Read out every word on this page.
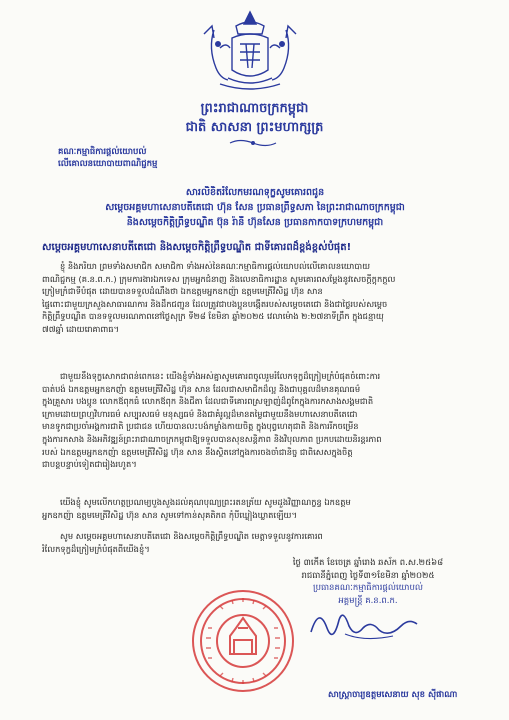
ព្រះរាជាណាចក្រកម្ពុជា
ជាតិ សាសនា ព្រះមហាក្សត្រ
គណៈកម្មាធិការផ្តល់យោបល់
លើគោលនយោបាយពាណិជ្ជកម្ម
សារលិខិតរំលែកមរណទុក្ខសូមគោរពជូន
សម្តេចអគ្គមហាសេនាបតីតេជោ ហ៊ុន សែន ប្រធានព្រឹទ្ធសភា នៃព្រះរាជាណាចក្រកម្ពុជា
និងសម្តេចកិត្តិព្រឹទ្ធបណ្ឌិត ប៊ុន រ៉ានី ហ៊ុនសែន ប្រធានកាកបាទក្រហមកម្ពុជា
សម្តេចអគ្គមហាសេនាបតីតេជោ និងសម្តេចកិត្តិព្រឹទ្ធបណ្ឌិត ជាទីគោរពដ៏ខ្ពង់ខ្ពស់បំផុត!
ខ្ញុំ និងភរិយា ព្រមទាំងសមាជិក សមាជិកា ទាំងអស់នៃគណៈកម្មាធិការផ្តល់យោបល់លើគោលនយោបាយ
ពាណិជ្ជកម្ម (គ.ន.ព.ក.) ក្រុមការងារឯកទេស ក្រុមអ្នកជំនាញ និងលេខាធិការដ្ឋាន សូមគោរពសម្តែងនូវសេចក្តីក្តុកក្តួល
ក្រៀមក្រំជាទីបំផុត ដោយបានទទួលដំណឹងថា ឯកឧត្តមអ្នកឧកញ៉ា ឧត្តមមេត្រីវិសិដ្ឋ ហ៊ុន សាន
ផ្ទៃពោះជាមួយក្រសួងសាធារណការ និងដឹកជញ្ជូន ដែលត្រូវជាបងប្អូនបង្កើតរបស់សម្តេចតេជោ និងជាថ្លៃរបស់សម្តេច
កិត្តិព្រឹទ្ធបណ្ឌិត បានទទួលមរណភាពនៅថ្ងៃសុក្រ ទី២៨ ខែមិនា ឆ្នាំ២០២៥ វេលាម៉ោង ២:២៧នាទីព្រឹក ក្នុងជន្មាយុ
៧៧ឆ្នាំ ដោយរោគាពាធ។
ជាមួយនឹងទុក្ខសោកជាពន់ពេកនេះ យើងខ្ញុំទាំងអស់គ្នាសូមគោរពចូលរួមរំលែកទុក្ខដ៏ក្រៀមក្រំបំផុតចំពោះការ
បាត់បង់ ឯកឧត្តមអ្នកឧកញ៉ា ឧត្តមមេត្រីវិសិដ្ឋ ហ៊ុន សាន ដែលជាសមាជិកដ៏ល្អ និងជាបុគ្គលដ៏មានគុណធម៌
ក្នុងគ្រួសារ បងប្អូន លោកឪពុកធំ លោកឪពុក និងជីតា ដែលជាទីគោរពស្រឡាញ់ដ៏ពូកែក្នុងការកសាងសង្គមជាតិ
ក្រោមដោយព្រហ្មវិហារធម៌ សប្បុរសធម៌ មនុស្សធម៌ និងជាគំរូល្អដ៏មានតម្លៃជាមួយនឹងមហាសេនាបតីតេជោ
មានទូកជាប្រចាំអង្គការជាតិ ប្រជាជន ហើយបានលះបង់កម្លាំងកាយចិត្ត ក្នុងបុព្វហេតុជាតិ និងការរីកចម្រើន
ក្នុងការកសាង និងអភិវឌ្ឍន៍ព្រះរាជាណាចក្រកម្ពុជាឱ្យទទួលបានសុខសន្តិភាព និងវិបុលភាព ប្រកបដោយនិរន្តរភាព
របស់ ឯកឧត្តមអ្នកឧកញ៉ា ឧត្តមមេត្រីវិសិដ្ឋ ហ៊ុន សាន នឹងស្ថិតនៅក្នុងការចងចាំជានិច្ច ជាពិសេសក្នុងចិត្ត
ជាបន្តបន្ទាប់ទៀតជារៀងរហូត។
យើងខ្ញុំ សូមលើកហត្ថប្រណម្យបួងសួងដល់គុណបុណ្យព្រះរតនត្រ័យ សូមដួងវិញ្ញាណក្ខន្ធ ឯកឧត្តម
អ្នកឧកញ៉ា ឧត្តមមេត្រីវិសិដ្ឋ ហ៊ុន សាន សូមទៅកាន់សុគតិភព កុំបីឃ្លៀងឃ្លាតឡើយ។
សូម សម្តេចអគ្គមហាសេនាបតីតេជោ និងសម្តេចកិត្តិព្រឹទ្ធបណ្ឌិត មេត្តាទទួលនូវការគោរព
រំលែកទុក្ខដ៏ក្រៀមក្រំបំផុតពីយើងខ្ញុំ។
ថ្ងៃ ៣កើត ខែចេត្រ ឆ្នាំរោង ឆស័ក ព.ស.២៥៦៨
រាជធានីភ្នំពេញ ថ្ងៃទី៣១ខែមិនា ឆ្នាំ២០២៥
ប្រធានគណៈកម្មាធិការផ្តល់យោបល់
អគ្គមន្ត្រី គ.ន.ព.ក.
សាស្ត្រាចារ្យឧត្តមសេនាយ សុខ ស៊ីផាណា
